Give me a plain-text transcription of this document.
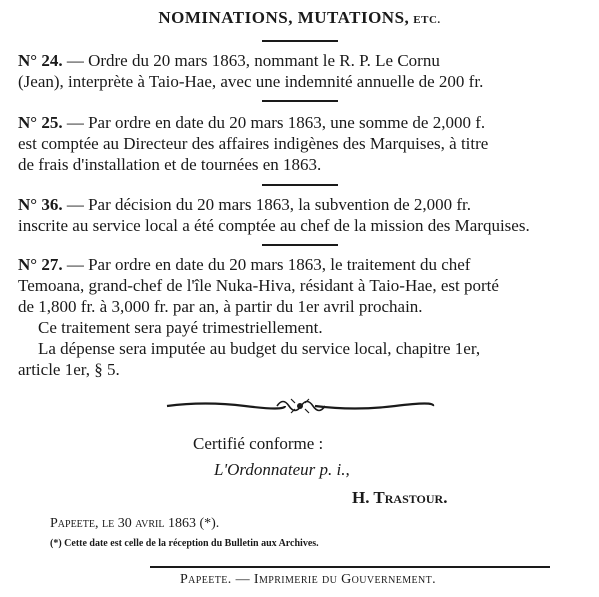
NOMINATIONS, MUTATIONS, ETC.
N° 24. — Ordre du 20 mars 1863, nommant le R. P. Le Cornu
(Jean), interprète à Taio-Hae, avec une indemnité annuelle de 200 fr.
N° 25. — Par ordre en date du 20 mars 1863, une somme de 2,000 f.
est comptée au Directeur des affaires indigènes des Marquises, à titre
de frais d'installation et de tournées en 1863.
N° 36. — Par décision du 20 mars 1863, la subvention de 2,000 fr.
inscrite au service local a été comptée au chef de la mission des Marquises.
N° 27. — Par ordre en date du 20 mars 1863, le traitement du chef
Temoana, grand-chef de l'île Nuka-Hiva, résidant à Taio-Hae, est porté
de 1,800 fr. à 3,000 fr. par an, à partir du 1er avril prochain.
Ce traitement sera payé trimestriellement.
La dépense sera imputée au budget du service local, chapitre 1er,
article 1er, § 5.
Certifié conforme :
L'Ordonnateur p. i.,
H. Trastour.
Papeete, le 30 avril 1863 (*).
(*) Cette date est celle de la réception du Bulletin aux Archives.
Papeete. — Imprimerie du Gouvernement.
